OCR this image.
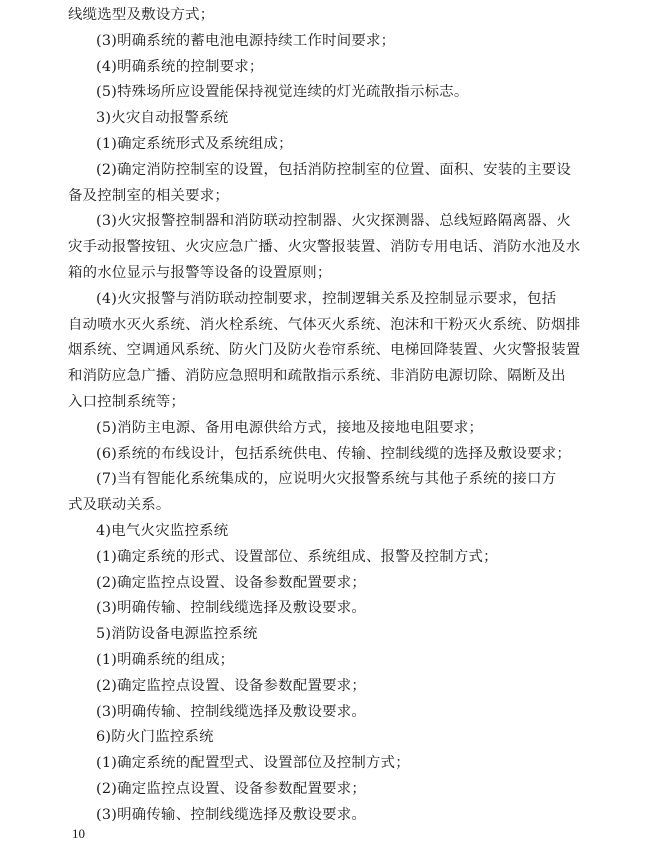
线缆选型及敷设方式；
(3)明确系统的蓄电池电源持续工作时间要求；
(4)明确系统的控制要求；
(5)特殊场所应设置能保持视觉连续的灯光疏散指示标志。
3)火灾自动报警系统
(1)确定系统形式及系统组成；
(2)确定消防控制室的设置，包括消防控制室的位置、面积、安装的主要设
备及控制室的相关要求；
(3)火灾报警控制器和消防联动控制器、火灾探测器、总线短路隔离器、火
灾手动报警按钮、火灾应急广播、火灾警报装置、消防专用电话、消防水池及水
箱的水位显示与报警等设备的设置原则；
(4)火灾报警与消防联动控制要求，控制逻辑关系及控制显示要求，包括
自动喷水灭火系统、消火栓系统、气体灭火系统、泡沫和干粉灭火系统、防烟排
烟系统、空调通风系统、防火门及防火卷帘系统、电梯回降装置、火灾警报装置
和消防应急广播、消防应急照明和疏散指示系统、非消防电源切除、隔断及出
入口控制系统等；
(5)消防主电源、备用电源供给方式，接地及接地电阻要求；
(6)系统的布线设计，包括系统供电、传输、控制线缆的选择及敷设要求；
(7)当有智能化系统集成的，应说明火灾报警系统与其他子系统的接口方
式及联动关系。
4)电气火灾监控系统
(1)确定系统的形式、设置部位、系统组成、报警及控制方式；
(2)确定监控点设置、设备参数配置要求；
(3)明确传输、控制线缆选择及敷设要求。
5)消防设备电源监控系统
(1)明确系统的组成；
(2)确定监控点设置、设备参数配置要求；
(3)明确传输、控制线缆选择及敷设要求。
6)防火门监控系统
(1)确定系统的配置型式、设置部位及控制方式；
(2)确定监控点设置、设备参数配置要求；
(3)明确传输、控制线缆选择及敷设要求。
10
